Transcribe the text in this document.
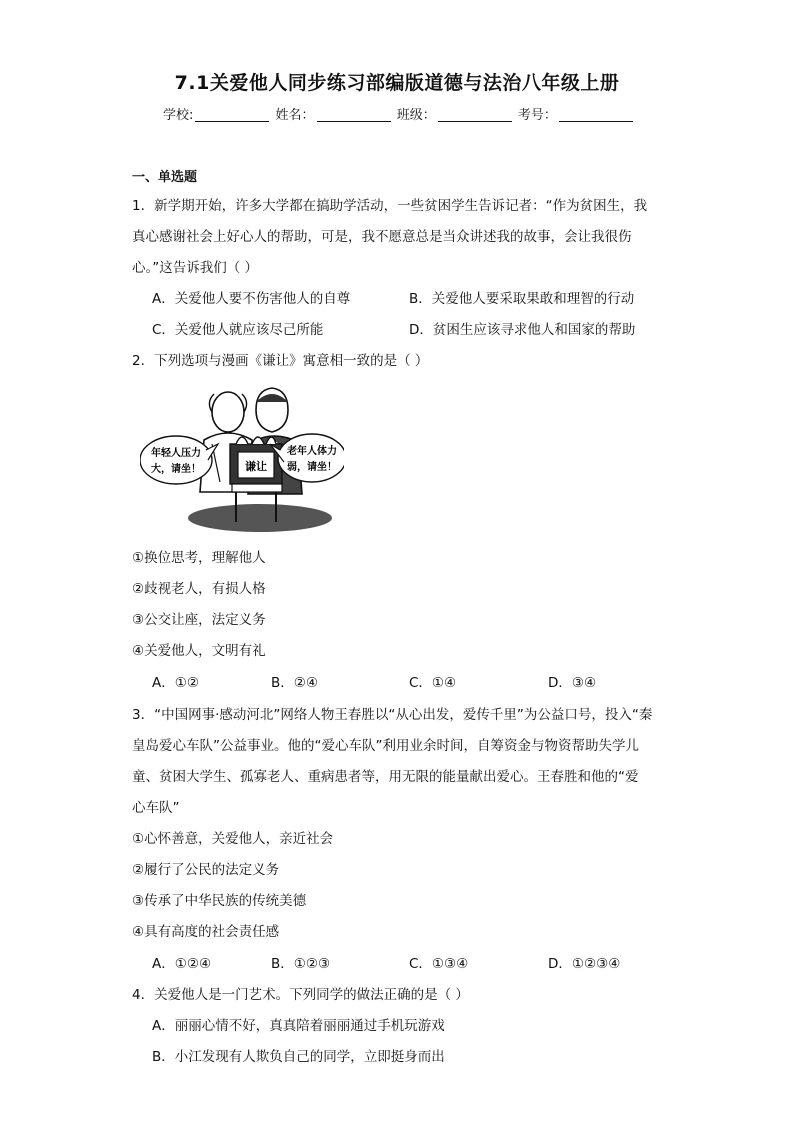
7.1关爱他人同步练习部编版道德与法治八年级上册
学校:	姓名：	班级：	考号：
一、单选题
1．新学期开始，许多大学都在搞助学活动，一些贫困学生告诉记者：“作为贫困生，我
真心感谢社会上好心人的帮助，可是，我不愿意总是当众讲述我的故事，会让我很伤
心。”这告诉我们（ ）
A．关爱他人要不伤害他人的自尊	B．关爱他人要采取果敢和理智的行动
C．关爱他人就应该尽己所能	D．贫困生应该寻求他人和国家的帮助
2．下列选项与漫画《谦让》寓意相一致的是（ ）
谦让
年轻人压力
大，请坐！
老年人体力
弱，请坐！
①换位思考，理解他人
②歧视老人，有损人格
③公交让座，法定义务
④关爱他人，文明有礼
A．①②	B．②④	C．①④	D．③④
3．“中国网事·感动河北”网络人物王春胜以“从心出发，爱传千里”为公益口号，投入“秦
皇岛爱心车队”公益事业。他的“爱心车队”利用业余时间，自筹资金与物资帮助失学儿
童、贫困大学生、孤寡老人、重病患者等，用无限的能量献出爱心。王春胜和他的“爱
心车队”
①心怀善意，关爱他人，亲近社会
②履行了公民的法定义务
③传承了中华民族的传统美德
④具有高度的社会责任感
A．①②④	B．①②③	C．①③④	D．①②③④
4．关爱他人是一门艺术。下列同学的做法正确的是（ ）
A．丽丽心情不好，真真陪着丽丽通过手机玩游戏
B．小江发现有人欺负自己的同学，立即挺身而出
